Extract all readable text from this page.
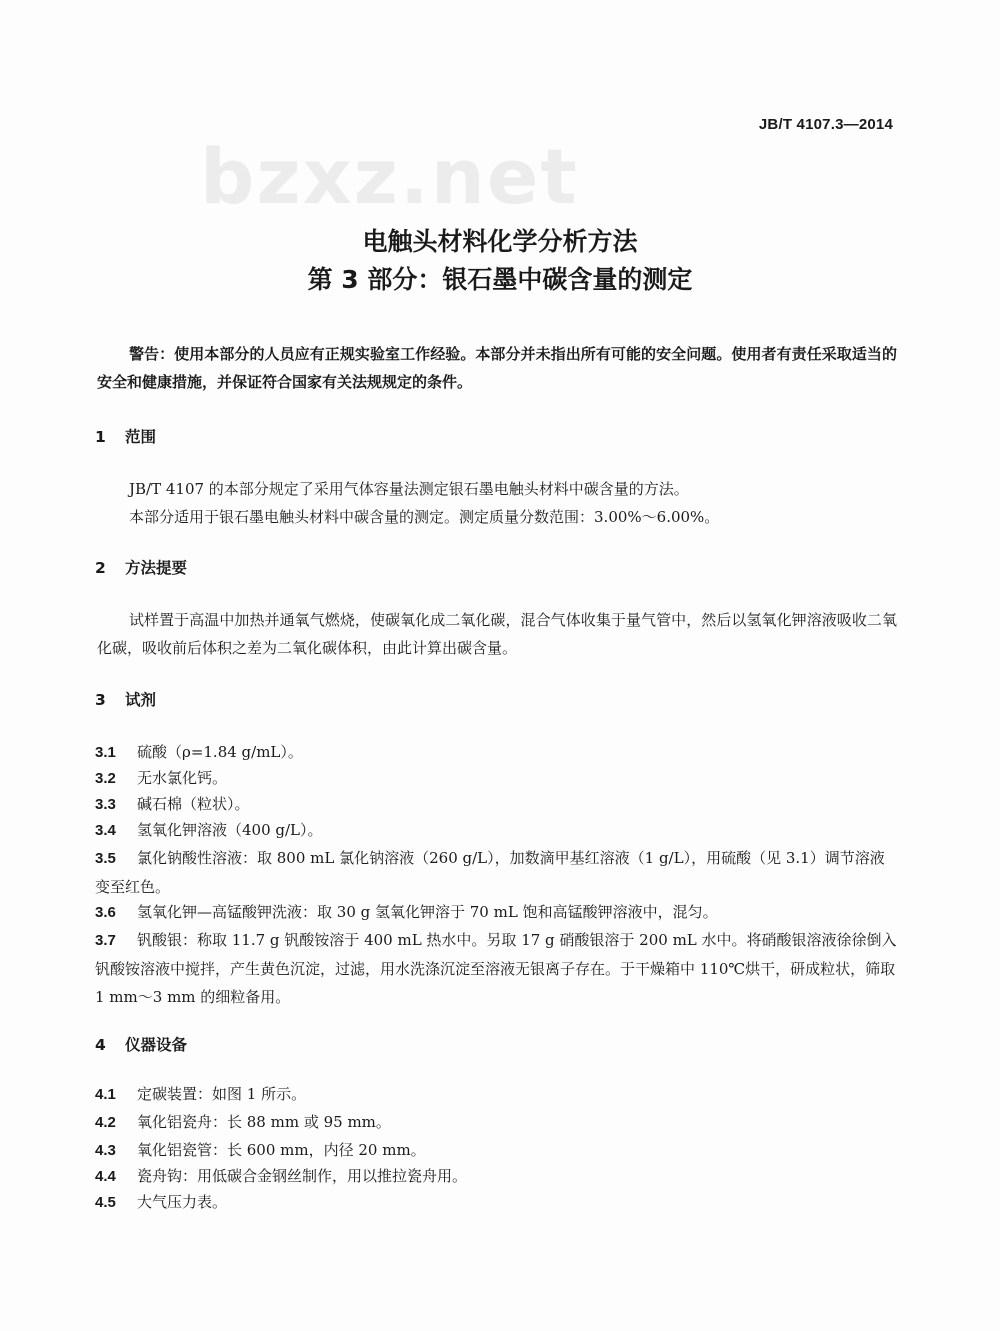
JB/T 4107.3—2014
bzxz.net
电触头材料化学分析方法
第 3 部分：银石墨中碳含量的测定
警告：使用本部分的人员应有正规实验室工作经验。本部分并未指出所有可能的安全问题。使用者有责任采取适当的安全和健康措施，并保证符合国家有关法规规定的条件。
1 范围
JB/T 4107 的本部分规定了采用气体容量法测定银石墨电触头材料中碳含量的方法。
本部分适用于银石墨电触头材料中碳含量的测定。测定质量分数范围：3.00%～6.00%。
2 方法提要
试样置于高温中加热并通氧气燃烧，使碳氧化成二氧化碳，混合气体收集于量气管中，然后以氢氧化钾溶液吸收二氧化碳，吸收前后体积之差为二氧化碳体积，由此计算出碳含量。
3 试剂
3.1 硫酸（ρ=1.84 g/mL）。
3.2 无水氯化钙。
3.3 碱石棉（粒状）。
3.4 氢氧化钾溶液（400 g/L）。
3.5 氯化钠酸性溶液：取 800 mL 氯化钠溶液（260 g/L），加数滴甲基红溶液（1 g/L），用硫酸（见 3.1）调节溶液变至红色。
3.6 氢氧化钾—高锰酸钾洗液：取 30 g 氢氧化钾溶于 70 mL 饱和高锰酸钾溶液中，混匀。
3.7 钒酸银：称取 11.7 g 钒酸铵溶于 400 mL 热水中。另取 17 g 硝酸银溶于 200 mL 水中。将硝酸银溶液徐徐倒入钒酸铵溶液中搅拌，产生黄色沉淀，过滤，用水洗涤沉淀至溶液无银离子存在。于干燥箱中 110℃烘干，研成粒状，筛取 1 mm～3 mm 的细粒备用。
4 仪器设备
4.1 定碳装置：如图 1 所示。
4.2 氧化铝瓷舟：长 88 mm 或 95 mm。
4.3 氧化铝瓷管：长 600 mm，内径 20 mm。
4.4 瓷舟钩：用低碳合金钢丝制作，用以推拉瓷舟用。
4.5 大气压力表。
